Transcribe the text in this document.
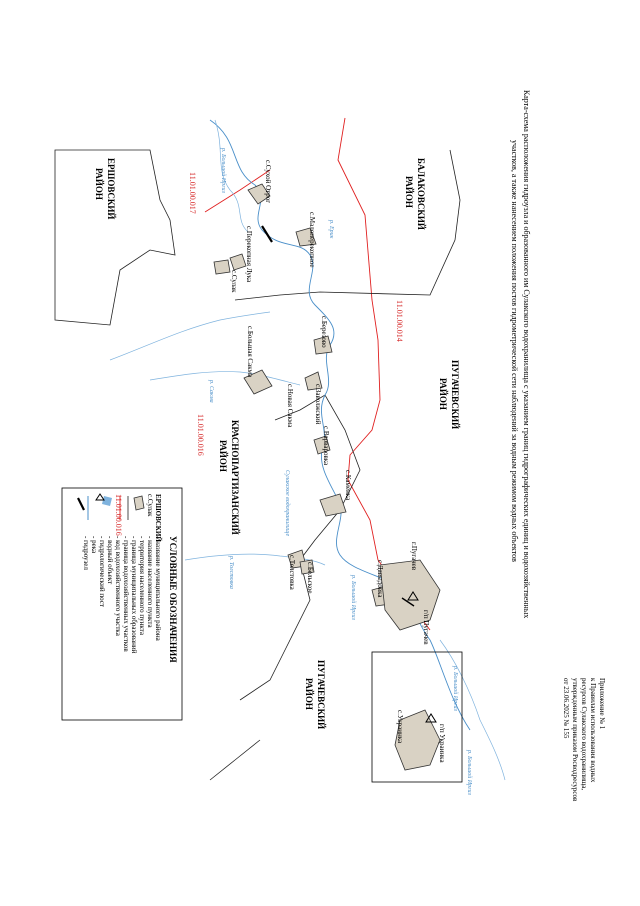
Приложение № 1
к Правилам использования водных
ресурсов Сулакского водохранилища,
утвержденным приказом Росводресурсов
от 23.06.2025 № 155
Карта-схема расположения гидроузла и образованного им Сулакского водохранилища с указанием границ гидрографических единиц и водохозяйственных
участков, а также нанесением положения постов гидрометрической сети наблюдений за водным режимом водных объектов
БАЛАКОВСКИЙ
РАЙОН
ПУГАЧЕВСКИЙ
РАЙОН
ПУГАЧЕВСКИЙ
РАЙОН
ЕРШОВСКИЙ
РАЙОН
КРАСНОПАРТИЗАНСКИЙ
РАЙОН
11.01.00.017
11.01.00.014
11.01.00.016
с.Сухой Отрог
с.Малоперекопное
с.Перекопная Лука
с.Сулак
с.Березово
с.Большая Сакма
с.Новая Сакма	с.Заволжский
с.Варваровка
с.Каменка
с.Толстовка с.Бельское	с.Давыдовка
г.Пугачев
с.Украинка
р. Большой Иргиз
р. Сакма
р. Толстовка
Сулакское водохранилище
р. Ерик
р. Большой Иргиз
р. Большой Иргиз
р. Большой Иргиз
г/п Пугачев
г/п Украинка
УСЛОВНЫЕ ОБОЗНАЧЕНИЯ
ЕРШОВСКИЙ
- название муниципального района
с.Сулак
- название населенного пункта
- территория населенного пункта
- граница муниципальных образований
- граница водохозяйственных участков
11.01.00.016
- код водохозяйственного участка
- водный объект
- гидрологический пост
- река
- гидроузел
